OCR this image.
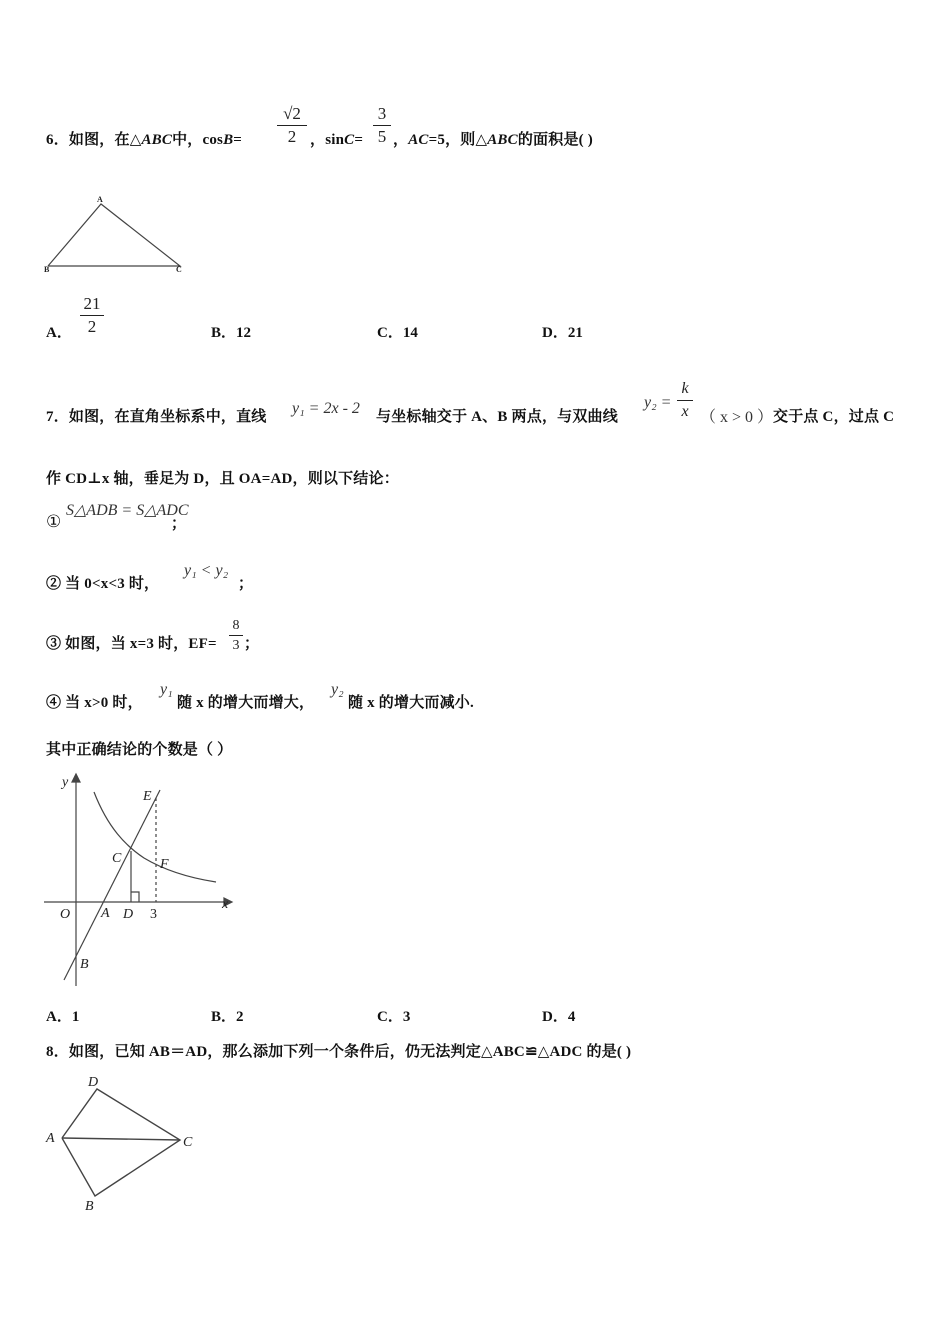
6．如图，在△ABC中，cosB=
√2
2 ，sinC=
3
5 ，AC=5，则△ABC的面积是( )
A
B	C
A．
21
2	B．12	C．14	D．21
7．如图，在直角坐标系中，直线 y₁ = 2x - 2 与坐标轴交于 A、B 两点，与双曲线
y₂ =
k
x （ x > 0 ） 交于点 C，过点 C
作 CD⊥x 轴，垂足为 D，且 OA=AD，则以下结论：
①
S△ADB = S△ADC
；
② 当 0<x<3 时，
y₁ < y₂
；
③ 如图，当 x=3 时，EF=
8
3 ；
④ 当 x>0 时，
y₁
随 x 的增大而增大，
y₂
随 x 的增大而减小.
其中正确结论的个数是（ ）
y
x
E
C	F
O A D 3
B
A．1	B．2	C．3	D．4
8．如图，已知 AB＝AD，那么添加下列一个条件后，仍无法判定△ABC≌△ADC 的是( )
D
A	C
B
